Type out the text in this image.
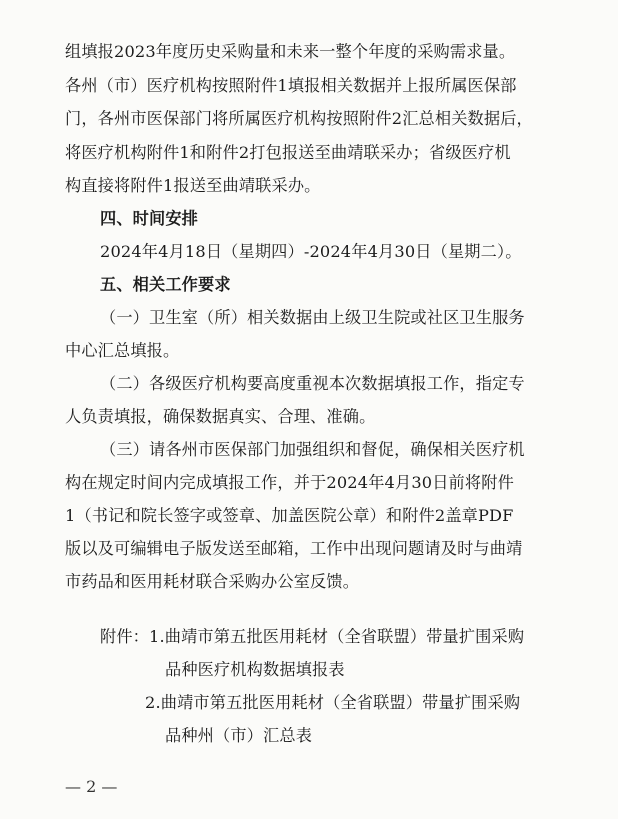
组填报2023年度历史采购量和未来一整个年度的采购需求量。
各州（市）医疗机构按照附件1填报相关数据并上报所属医保部
门，各州市医保部门将所属医疗机构按照附件2汇总相关数据后，
将医疗机构附件1和附件2打包报送至曲靖联采办；省级医疗机
构直接将附件1报送至曲靖联采办。
四、时间安排
2024年4月18日（星期四）-2024年4月30日（星期二）。
五、相关工作要求
（一）卫生室（所）相关数据由上级卫生院或社区卫生服务
中心汇总填报。
（二）各级医疗机构要高度重视本次数据填报工作，指定专
人负责填报，确保数据真实、合理、准确。
（三）请各州市医保部门加强组织和督促，确保相关医疗机
构在规定时间内完成填报工作，并于2024年4月30日前将附件
1（书记和院长签字或签章、加盖医院公章）和附件2盖章PDF
版以及可编辑电子版发送至邮箱，工作中出现问题请及时与曲靖
市药品和医用耗材联合采购办公室反馈。
附件：1.曲靖市第五批医用耗材（全省联盟）带量扩围采购
品种医疗机构数据填报表
2.曲靖市第五批医用耗材（全省联盟）带量扩围采购
品种州（市）汇总表
— 2 —
